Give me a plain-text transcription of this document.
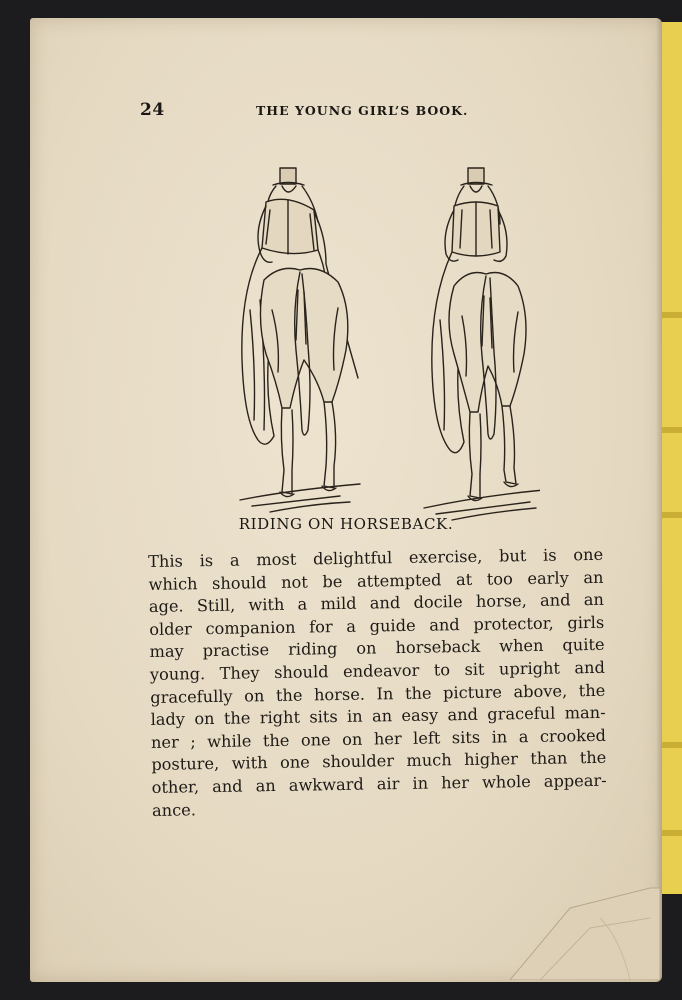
24	THE YOUNG GIRL’S BOOK.
RIDING ON HORSEBACK.
This is a most delightful exercise, but is one
which should not be attempted at too early an
age. Still, with a mild and docile horse, and an
older companion for a guide and protector, girls
may practise riding on horseback when quite
young. They should endeavor to sit upright and
gracefully on the horse. In the picture above, the
lady on the right sits in an easy and graceful man-
ner ; while the one on her left sits in a crooked
posture, with one shoulder much higher than the
other, and an awkward air in her whole appear-
ance.
